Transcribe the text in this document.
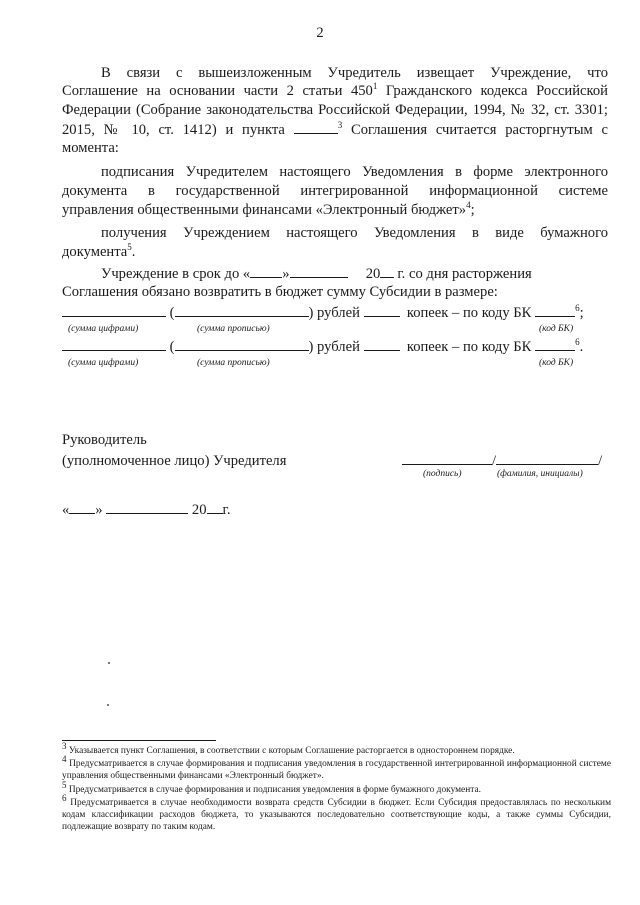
2
В связи с вышеизложенным Учредитель извещает Учреждение, что
Соглашение на основании части 2 статьи $450^1$ Гражданского кодекса Российской
Федерации (Собрание законодательства Российской Федерации, 1994, № 32, ст. 3301;
2015, № 10, ст. 1412) и пункта	$^3$ Соглашения считается расторгнутым с
момента:
подписания Учредителем настоящего Уведомления в форме электронного
документа в государственной интегрированной информационной системе
управления общественными финансами «Электронный бюджет»$^4$;
получения Учреждением настоящего Уведомления в виде бумажного
документа$^5$.
Учреждение в срок до « »	20 г. со дня расторжения
Соглашения обязано возвратить в бюджет сумму Субсидии в размере:
(	) рублей	копеек – по коду БК	$^6$;
(сумма цифрами)	(сумма прописью)	(код БК)
(	) рублей	копеек – по коду БК	$^6$.
(сумма цифрами)	(сумма прописью)	(код БК)
Руководитель
(уполномоченное лицо) Учредителя	/	/
(подпись)	(фамилия, инициалы)
« »	20 г.
$^3$ Указывается пункт Соглашения, в соответствии с которым Соглашение расторгается в одностороннем порядке.
$^4$ Предусматривается в случае формирования и подписания уведомления в государственной интегрированной информационной системе управления общественными финансами «Электронный бюджет».
$^5$ Предусматривается в случае формирования и подписания уведомления в форме бумажного документа.
$^6$ Предусматривается в случае необходимости возврата средств Субсидии в бюджет. Если Субсидия предоставлялась по нескольким кодам классификации расходов бюджета, то указываются последовательно соответствующие коды, а также суммы Субсидии, подлежащие возврату по таким кодам.
